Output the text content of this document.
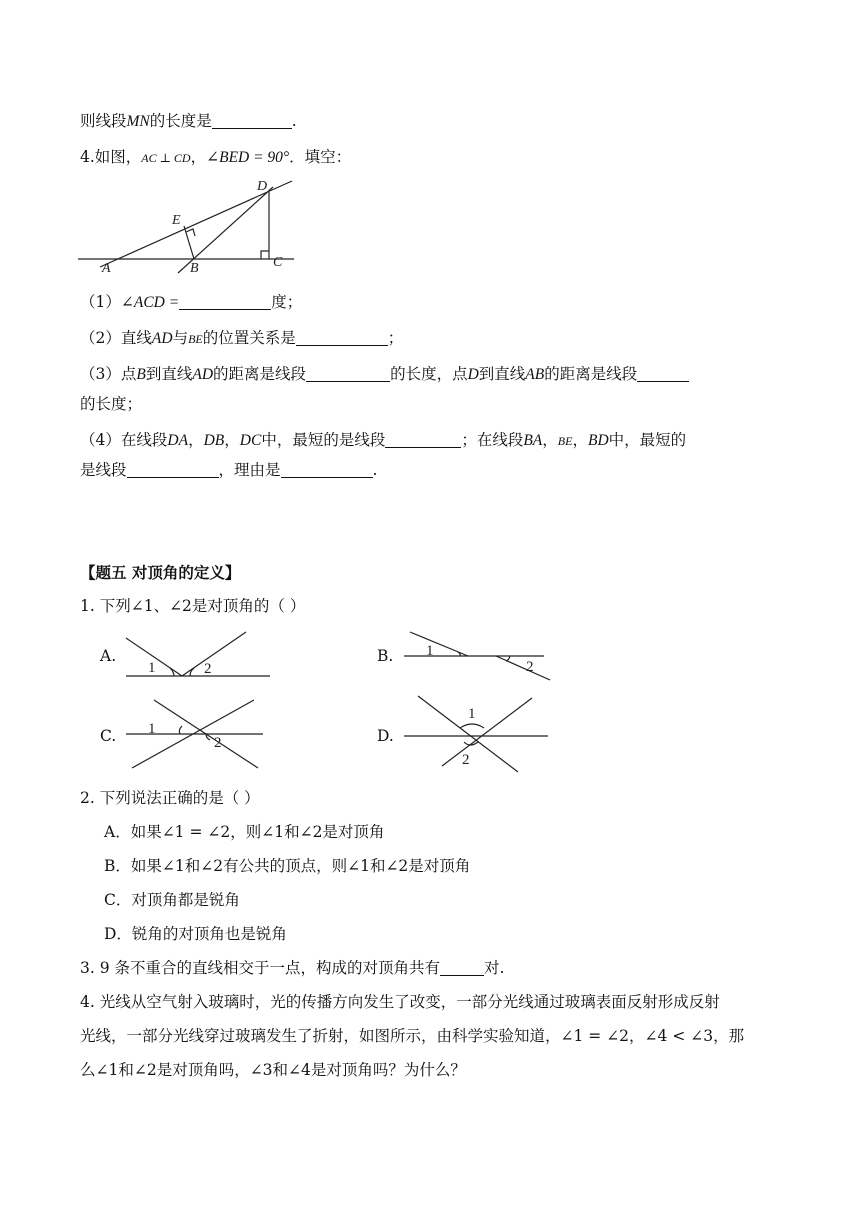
则线段MN的长度是	.
4.如图，AC ⊥ CD，∠BED = 90°．填空：
D
E
A	B	C
（1）∠ACD =	度；
（2）直线AD与BE的位置关系是	；
（3）点B到直线AD的距离是线段	的长度，点D到直线AB的距离是线段
的长度；
（4）在线段DA，DB，DC中，最短的是线段	；在线段BA，BE，BD中，最短的
是线段	，理由是	.
【题五 对顶角的定义】
1. 下列∠1、∠2是对顶角的（ ）
A.
1	2
B. 1
2
C. 1
2	D.
1
2
2. 下列说法正确的是（ ）
A．如果∠1 = ∠2，则∠1和∠2是对顶角
B．如果∠1和∠2有公共的顶点，则∠1和∠2是对顶角
C．对顶角都是锐角
D．锐角的对顶角也是锐角
3. 9 条不重合的直线相交于一点，构成的对顶角共有	对.
4. 光线从空气射入玻璃时，光的传播方向发生了改变，一部分光线通过玻璃表面反射形成反射
光线，一部分光线穿过玻璃发生了折射，如图所示，由科学实验知道，∠1 = ∠2，∠4 < ∠3，那
么∠1和∠2是对顶角吗，∠3和∠4是对顶角吗？为什么？
